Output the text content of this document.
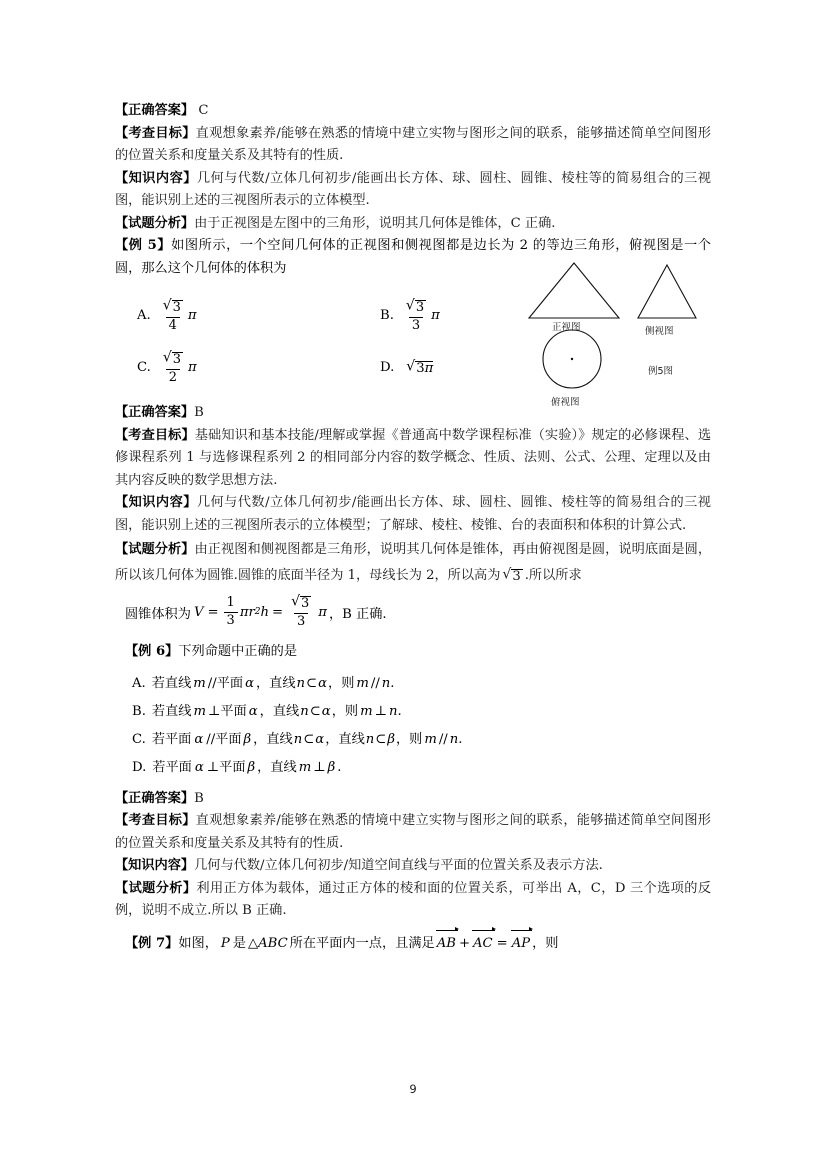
【正确答案】 C

【考查目标】直观想象素养/能够在熟悉的情境中建立实物与图形之间的联系，能够描述简单空间图形的位置关系和度量关系及其特有的性质.

【知识内容】几何与代数/立体几何初步/能画出长方体、球、圆柱、圆锥、棱柱等的简易组合的三视图，能识别上述的三视图所表示的立体模型.

【试题分析】由于正视图是左图中的三角形，说明其几何体是锥体，C 正确.

【例 5】如图所示，一个空间几何体的正视图和侧视图都是边长为 2 的等边三角形，俯视图是一个圆，那么这个几何体的体积为

A. $\frac{√ 3}{4}$ π	B. $\frac{√ 3}{3}$ π
C. $\frac{√ 3}{2}$ π	D. √ 3π

【正确答案】B

【考查目标】基础知识和基本技能/理解或掌握《普通高中数学课程标准（实验）》规定的必修课程、选修课程系列 1 与选修课程系列 2 的相同部分内容的数学概念、性质、法则、公式、公理、定理以及由其内容反映的数学思想方法.

【知识内容】几何与代数/立体几何初步/能画出长方体、球、圆柱、圆锥、棱柱等的简易组合的三视图，能识别上述的三视图所表示的立体模型；了解球、棱柱、棱锥、台的表面积和体积的计算公式.

【试题分析】由正视图和侧视图都是三角形，说明其几何体是锥体，再由俯视图是圆，说明底面是圆，所以该几何体为圆锥.圆锥的底面半径为 1，母线长为 2，所以高为 √ 3 .所以所求

圆锥体积为 $V = \frac{1}{3}$ πr 2 $h = \frac{√ 3}{3}$ π ，B 正确.

【例 6】下列命题中正确的是

A. 若直线 m //平面 α ，直线n⊂α，则 m // n.
B. 若直线 m ⊥平面 α ，直线n⊂α，则 m ⊥ n.
C. 若平面 α //平面 β ，直线n⊂α，直线n⊂β，则 m // n.
D. 若平面 α ⊥平面 β ，直线 m ⊥ β .

【正确答案】B

【考查目标】直观想象素养/能够在熟悉的情境中建立实物与图形之间的联系，能够描述简单空间图形的位置关系和度量关系及其特有的性质.

【知识内容】几何与代数/立体几何初步/知道空间直线与平面的位置关系及表示方法.

【试题分析】利用正方体为载体，通过正方体的棱和面的位置关系，可举出 A，C，D 三个选项的反例，说明不成立.所以 B 正确.

【例 7】如图， P 是 △ABC 所在平面内一点，且满足 AB + AC = AP ，则

正视图	侧视图
俯视图
例5图
9
